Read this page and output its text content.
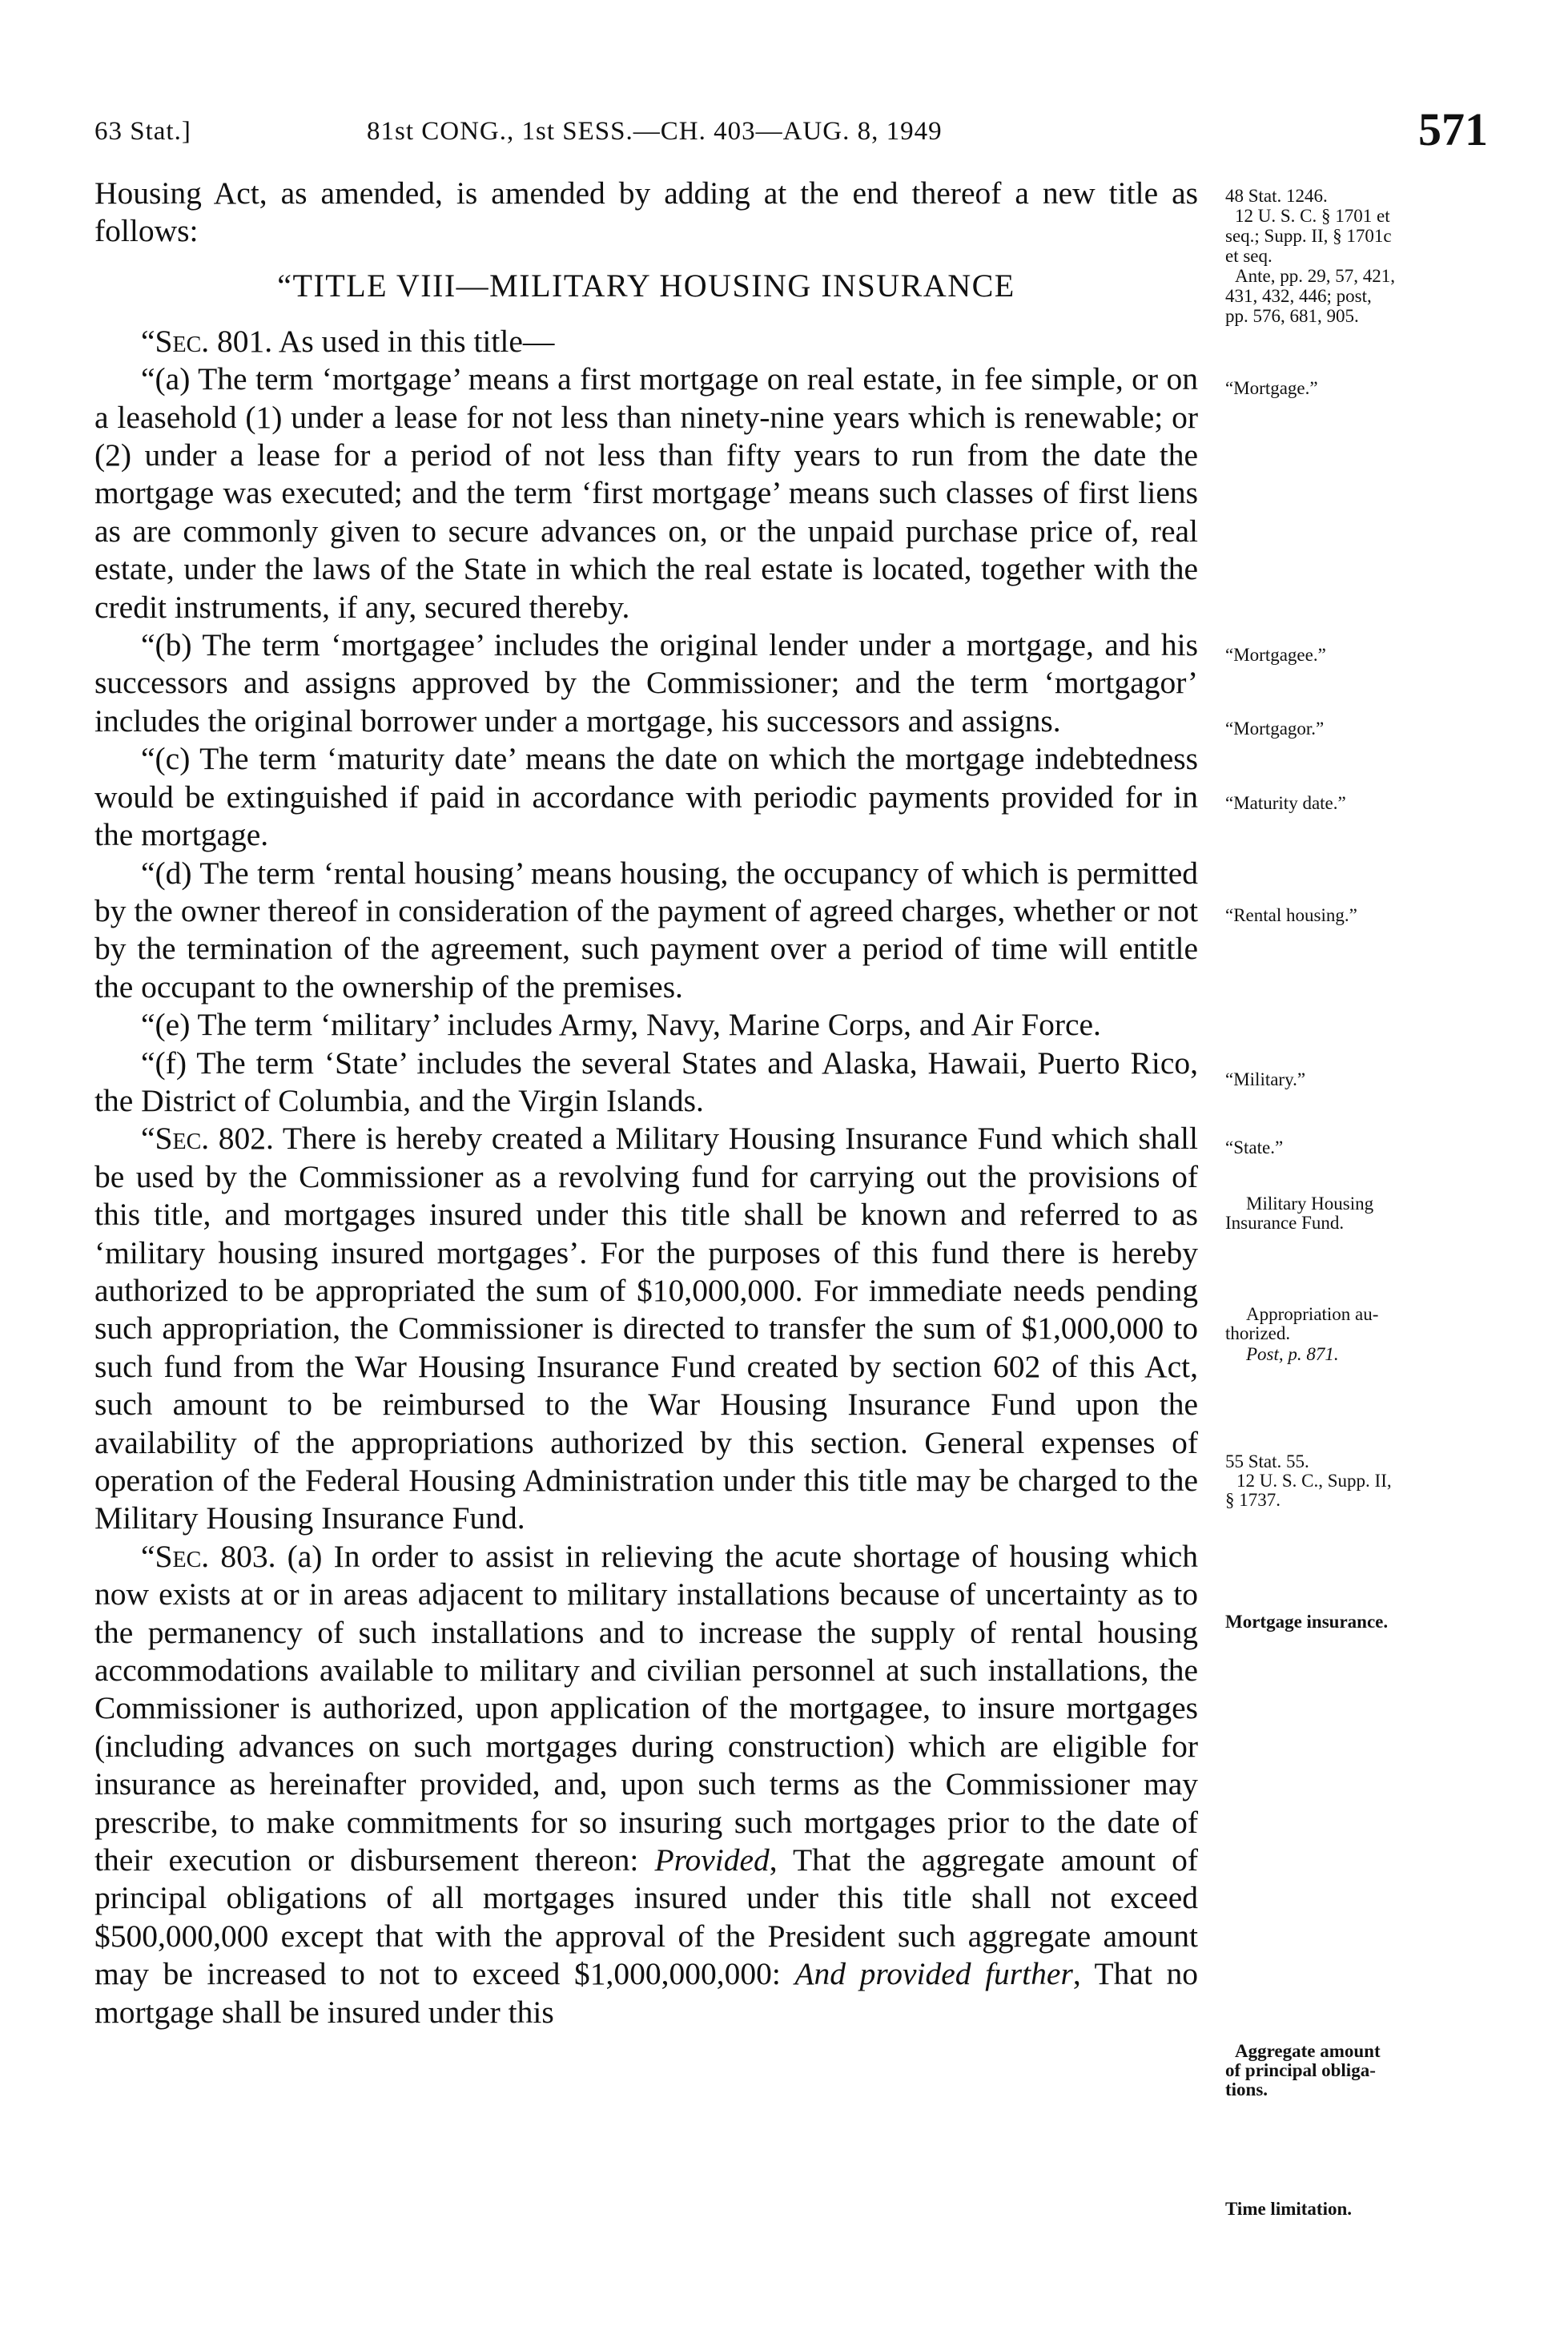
63 Stat.]	81st CONG., 1st SESS.—CH. 403—AUG. 8, 1949	571

Housing Act, as amended, is amended by adding at the end thereof a new title as follows:

“TITLE VIII—MILITARY HOUSING INSURANCE

“Sec. 801. As used in this title—

“(a) The term ‘mortgage’ means a first mortgage on real estate, in fee simple, or on a leasehold (1) under a lease for not less than ninety-nine years which is renewable; or (2) under a lease for a period of not less than fifty years to run from the date the mortgage was executed; and the term ‘first mortgage’ means such classes of first liens as are commonly given to secure advances on, or the unpaid purchase price of, real estate, under the laws of the State in which the real estate is located, together with the credit instruments, if any, secured thereby.

“(b) The term ‘mortgagee’ includes the original lender under a mortgage, and his successors and assigns approved by the Commissioner; and the term ‘mortgagor’ includes the original borrower under a mortgage, his successors and assigns.

“(c) The term ‘maturity date’ means the date on which the mortgage indebtedness would be extinguished if paid in accordance with periodic payments provided for in the mortgage.

“(d) The term ‘rental housing’ means housing, the occupancy of which is permitted by the owner thereof in consideration of the payment of agreed charges, whether or not by the termination of the agreement, such payment over a period of time will entitle the occupant to the ownership of the premises.

“(e) The term ‘military’ includes Army, Navy, Marine Corps, and Air Force.

“(f) The term ‘State’ includes the several States and Alaska, Hawaii, Puerto Rico, the District of Columbia, and the Virgin Islands.

“Sec. 802. There is hereby created a Military Housing Insurance Fund which shall be used by the Commissioner as a revolving fund for carrying out the provisions of this title, and mortgages insured under this title shall be known and referred to as ‘military housing insured mortgages’. For the purposes of this fund there is hereby authorized to be appropriated the sum of $10,000,000. For immediate needs pending such appropriation, the Commissioner is directed to transfer the sum of $1,000,000 to such fund from the War Housing Insurance Fund created by section 602 of this Act, such amount to be reimbursed to the War Housing Insurance Fund upon the availability of the appropriations authorized by this section. General expenses of operation of the Federal Housing Administration under this title may be charged to the Military Housing Insurance Fund.

“Sec. 803. (a) In order to assist in relieving the acute shortage of housing which now exists at or in areas adjacent to military installations because of uncertainty as to the permanency of such installations and to increase the supply of rental housing accommodations available to military and civilian personnel at such installations, the Commissioner is authorized, upon application of the mortgagee, to insure mortgages (including advances on such mortgages during construction) which are eligible for insurance as hereinafter provided, and, upon such terms as the Commissioner may prescribe, to make commitments for so insuring such mortgages prior to the date of their execution or disbursement thereon: Provided, That the aggregate amount of principal obligations of all mortgages insured under this title shall not exceed $500,000,000 except that with the approval of the President such aggregate amount may be increased to not to exceed $1,000,000,000: And provided further, That no mortgage shall be insured under this

48 Stat. 1246.
12 U. S. C. § 1701 et
seq.; Supp. II, § 1701c
et seq.
Ante, pp. 29, 57, 421,
431, 432, 446; post,
pp. 576, 681, 905.
“Mortgage.”
“Mortgagee.”
“Mortgagor.”
“Maturity date.”
“Rental housing.”
“Military.”
“State.”
Military Housing
Insurance Fund.
Appropriation au-
thorized.
Post, p. 871.
55 Stat. 55.
12 U. S. C., Supp. II,
§ 1737.
Mortgage insurance.
Aggregate amount
of principal obliga-
tions.
Time limitation.
